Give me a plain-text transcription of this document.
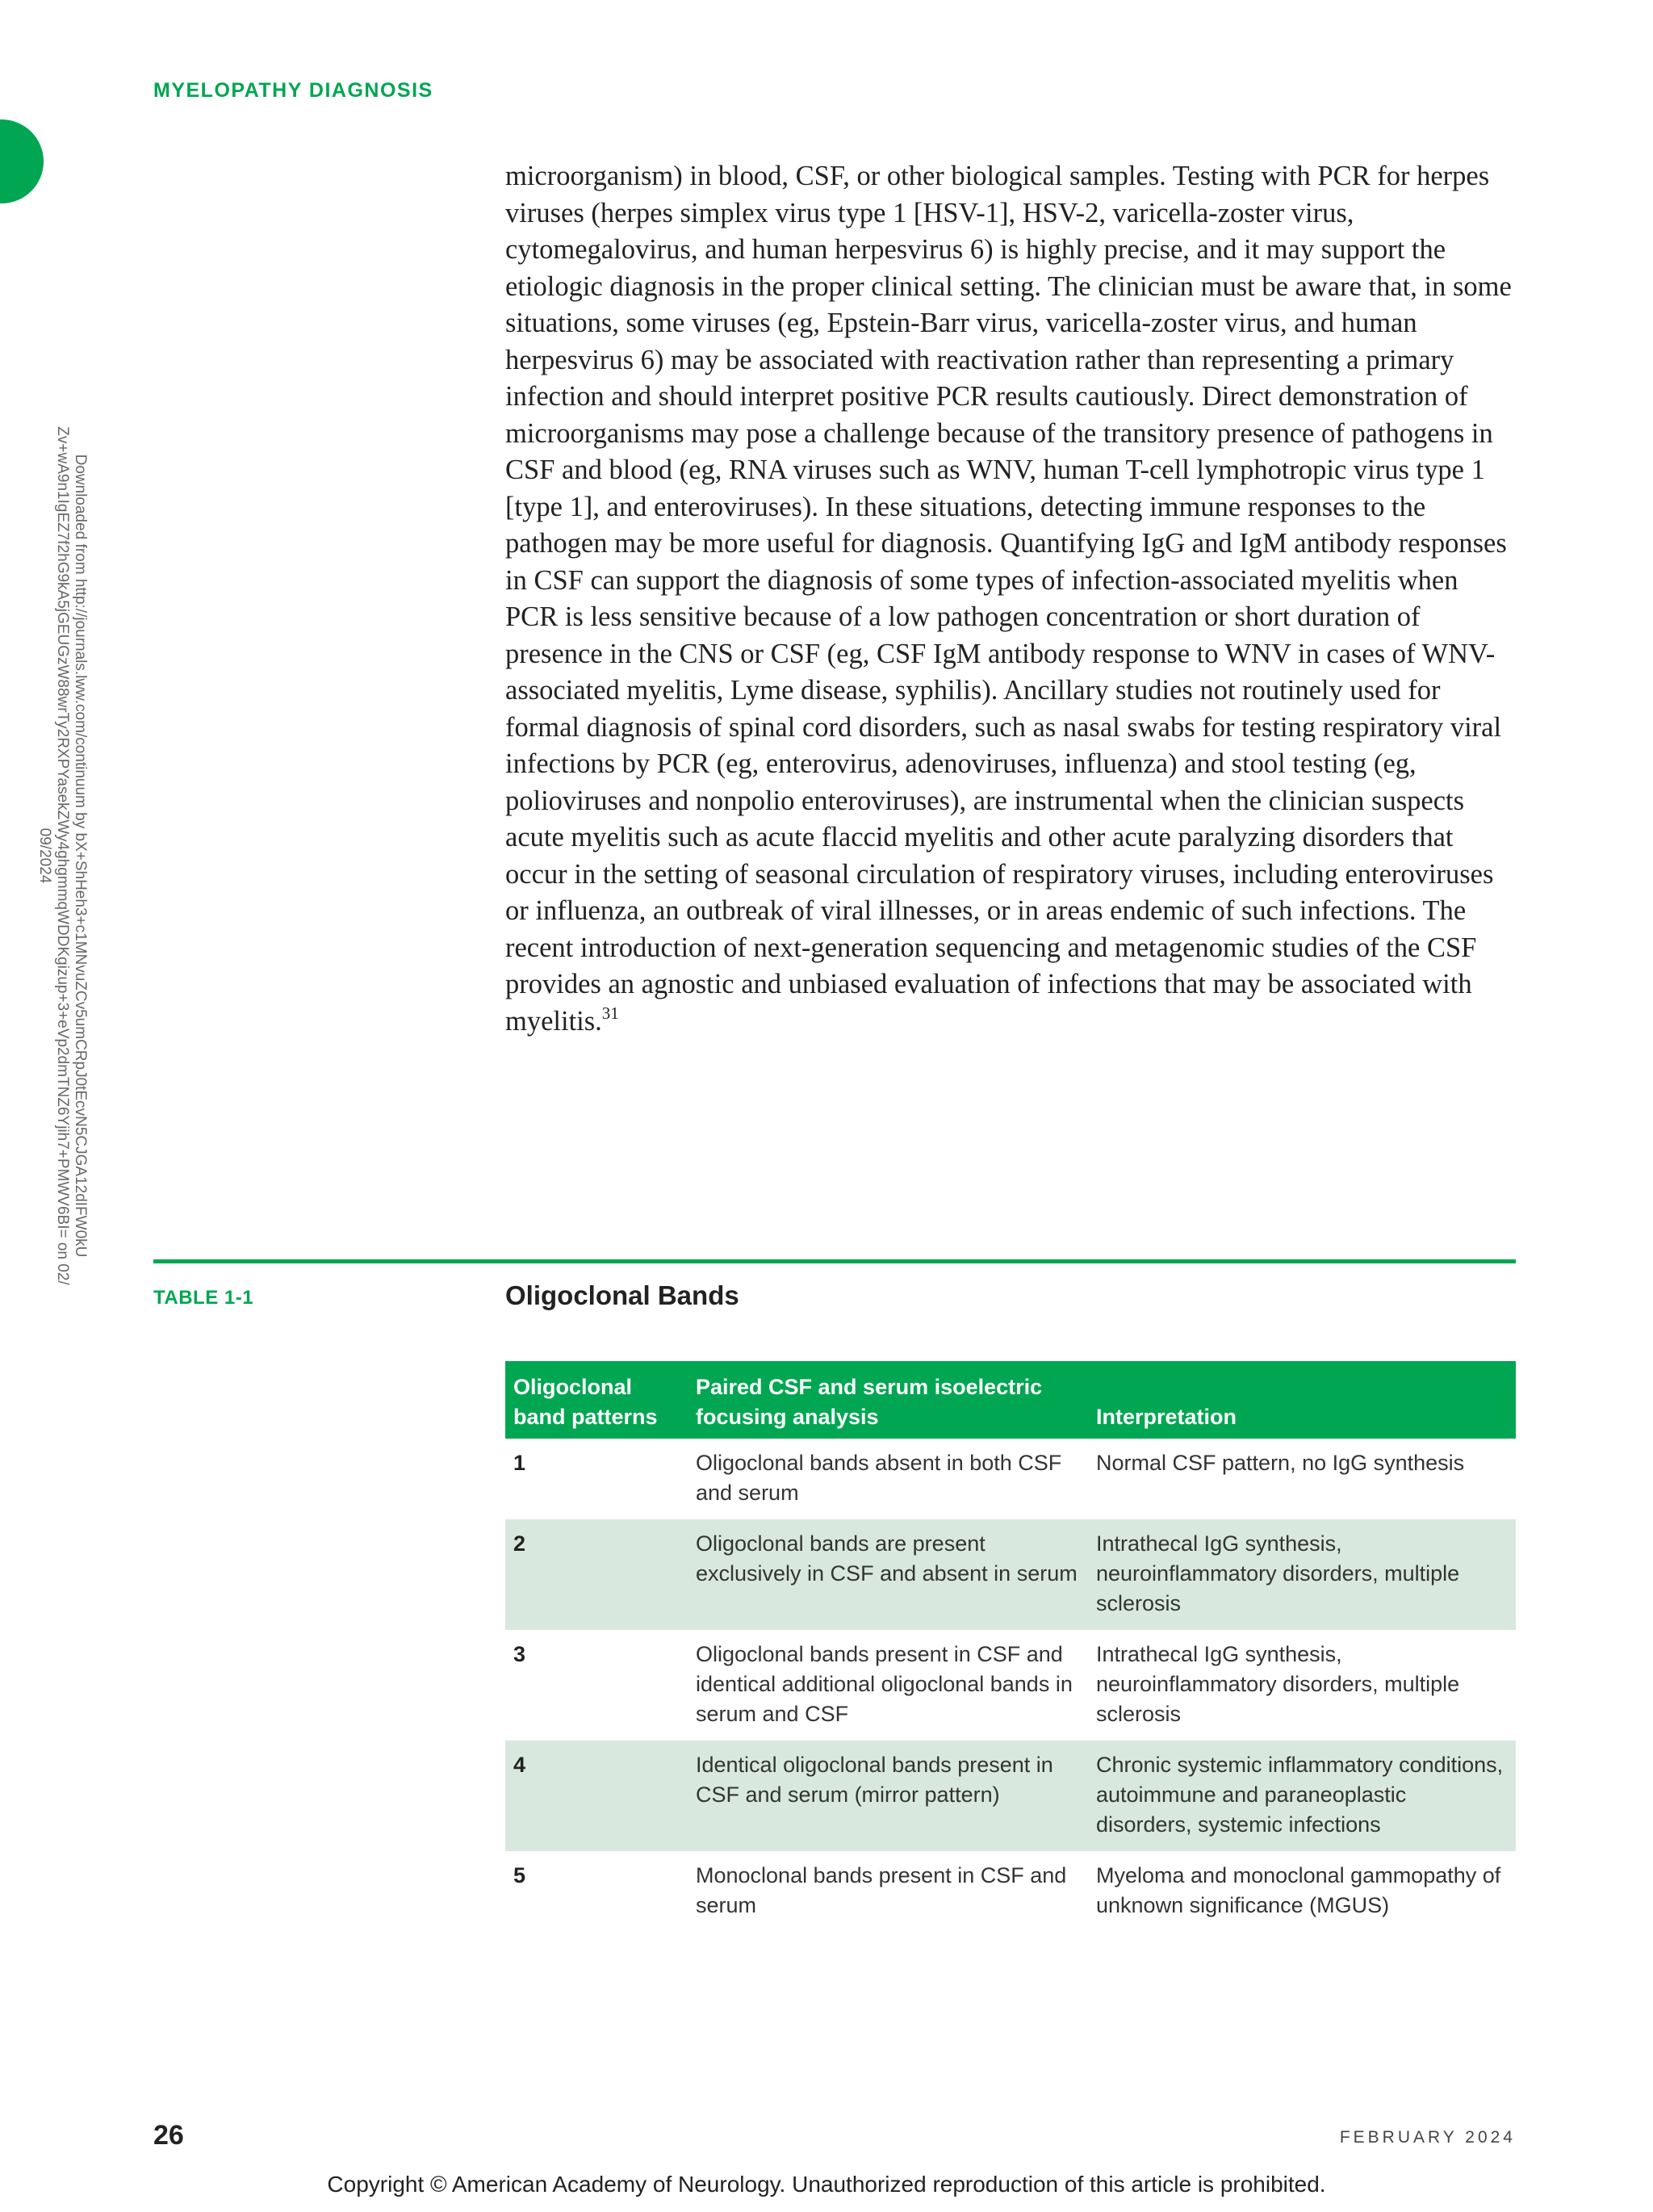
MYELOPATHY DIAGNOSIS
Downloaded from http://journals.lww.com/continuum by bX+ShHeh3+c1MNvuZCv5umCRpJ0tEcvN5CJGA12dIFW0kU
Zv+wA9n1IgEZ7f2hG9kA5jGEUGzW88wrTy2RXPYasekZWy4ghgmmqWDDKgizup+3+eVp2dmTNZ6Yjih7+PMWV6BI= on 02/
09/2024

microorganism) in blood, CSF, or other biological samples. Testing with PCR for herpes viruses (herpes simplex virus type 1 [HSV-1], HSV-2, varicella-zoster virus, cytomegalovirus, and human herpesvirus 6) is highly precise, and it may support the etiologic diagnosis in the proper clinical setting. The clinician must be aware that, in some situations, some viruses (eg, Epstein-Barr virus, varicella-zoster virus, and human herpesvirus 6) may be associated with reactivation rather than representing a primary infection and should interpret positive PCR results cautiously. Direct demonstration of microorganisms may pose a challenge because of the transitory presence of pathogens in CSF and blood (eg, RNA viruses such as WNV, human T-cell lymphotropic virus type 1 [type 1], and enteroviruses). In these situations, detecting immune responses to the pathogen may be more useful for diagnosis. Quantifying IgG and IgM antibody responses in CSF can support the diagnosis of some types of infection-associated myelitis when PCR is less sensitive because of a low pathogen concentration or short duration of presence in the CNS or CSF (eg, CSF IgM antibody response to WNV in cases of WNV-associated myelitis, Lyme disease, syphilis). Ancillary studies not routinely used for formal diagnosis of spinal cord disorders, such as nasal swabs for testing respiratory viral infections by PCR (eg, enterovirus, adenoviruses, influenza) and stool testing (eg, polioviruses and nonpolio enteroviruses), are instrumental when the clinician suspects acute myelitis such as acute flaccid myelitis and other acute paralyzing disorders that occur in the setting of seasonal circulation of respiratory viruses, including enteroviruses or influenza, an outbreak of viral illnesses, or in areas endemic of such infections. The recent introduction of next-generation sequencing and metagenomic studies of the CSF provides an agnostic and unbiased evaluation of infections that may be associated with myelitis.$^{31}$

TABLE 1-1	Oligoclonal Bands
Oligoclonal band patterns	Paired CSF and serum isoelectric focusing analysis	Interpretation
1	Oligoclonal bands absent in both CSF and serum	Normal CSF pattern, no IgG synthesis
2	Oligoclonal bands are present exclusively in CSF and absent in serum	Intrathecal IgG synthesis, neuroinflammatory disorders, multiple sclerosis
3	Oligoclonal bands present in CSF and identical additional oligoclonal bands in serum and CSF	Intrathecal IgG synthesis, neuroinflammatory disorders, multiple sclerosis
4	Identical oligoclonal bands present in CSF and serum (mirror pattern)	Chronic systemic inflammatory conditions, autoimmune and paraneoplastic disorders, systemic infections
5	Monoclonal bands present in CSF and serum	Myeloma and monoclonal gammopathy of unknown significance (MGUS)
26	FEBRUARY 2024
Copyright © American Academy of Neurology. Unauthorized reproduction of this article is prohibited.
